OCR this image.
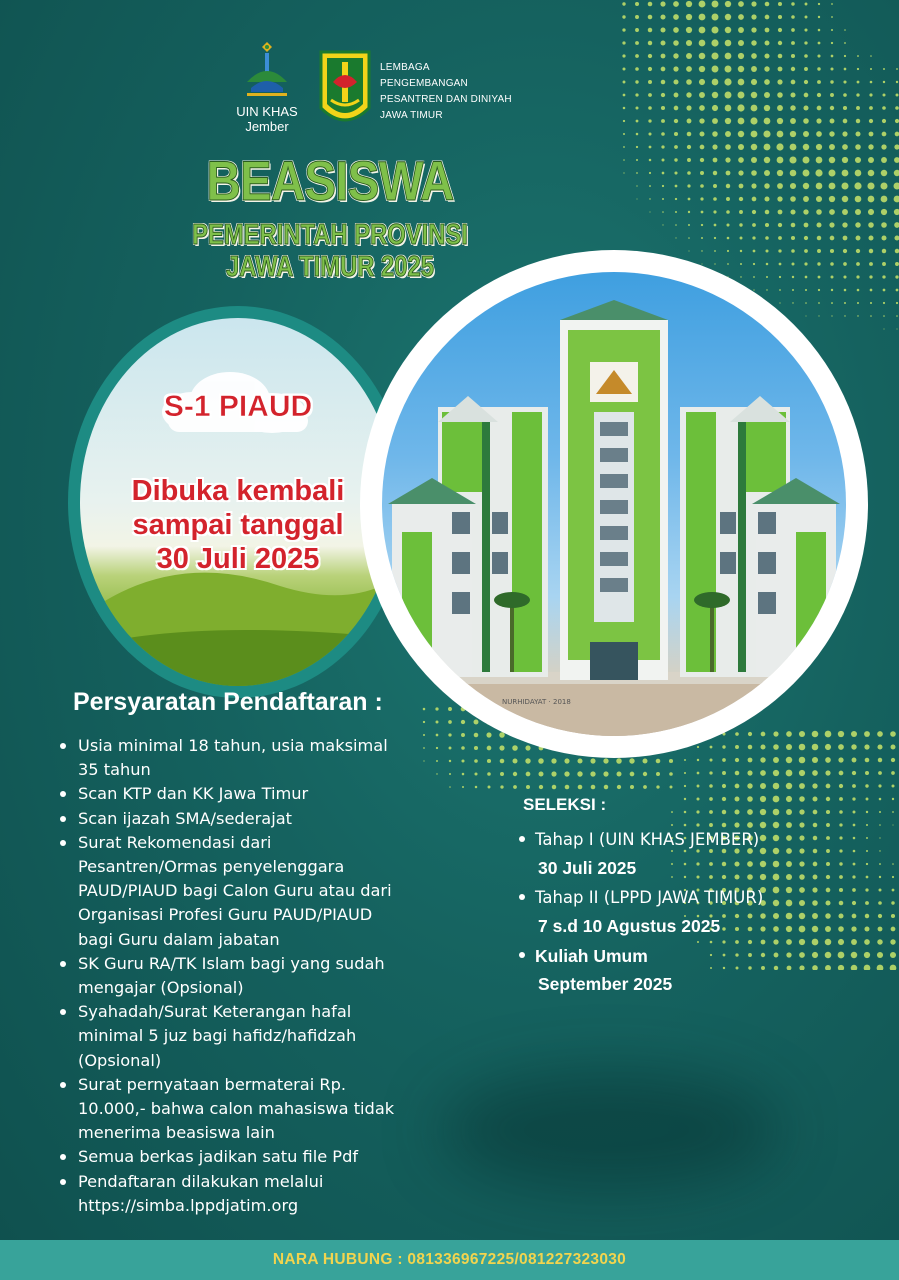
UIN KHAS
Jember
LEMBAGA
PENGEMBANGAN
PESANTREN DAN DINIYAH
JAWA TIMUR
BEASISWA
PEMERINTAH PROVINSI
JAWA TIMUR 2025
S-1 PIAUD
Dibuka kembali
sampai tanggal
30 Juli 2025
NURHIDAYAT · 2018
Persyaratan Pendaftaran :
Usia minimal 18 tahun, usia maksimal
35 tahun
Scan KTP dan KK Jawa Timur
Scan ijazah SMA/sederajat
Surat Rekomendasi dari
Pesantren/Ormas penyelenggara
PAUD/PIAUD bagi Calon Guru atau dari
Organisasi Profesi Guru PAUD/PIAUD
bagi Guru dalam jabatan
SK Guru RA/TK Islam bagi yang sudah
mengajar (Opsional)
Syahadah/Surat Keterangan hafal
minimal 5 juz bagi hafidz/hafidzah
(Opsional)
Surat pernyataan bermaterai Rp.
10.000,- bahwa calon mahasiswa tidak
menerima beasiswa lain
Semua berkas jadikan satu file Pdf
Pendaftaran dilakukan melalui
https://simba.lppdjatim.org
SELEKSI :
Tahap I (UIN KHAS JEMBER)
30 Juli 2025
Tahap II (LPPD JAWA TIMUR)
7 s.d 10 Agustus 2025
Kuliah Umum
September 2025
NARA HUBUNG : 081336967225/081227323030
